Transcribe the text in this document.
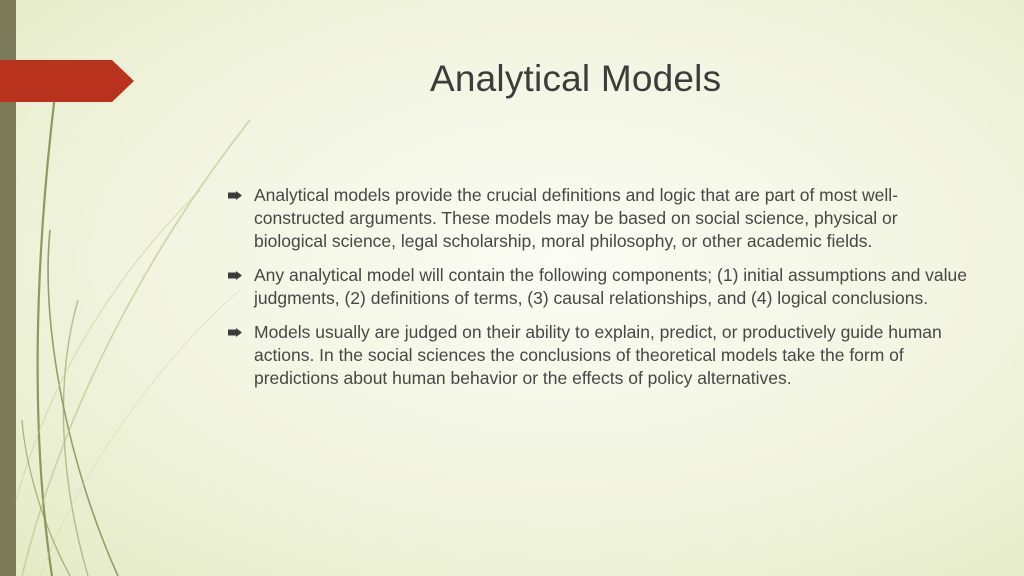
Analytical Models
Analytical models provide the crucial definitions and logic that are part of most well-constructed arguments. These models may be based on social science, physical or biological science, legal scholarship, moral philosophy, or other academic fields.
Any analytical model will contain the following components; (1) initial assumptions and value judgments, (2) definitions of terms, (3) causal relationships, and (4) logical conclusions.
Models usually are judged on their ability to explain, predict, or productively guide human actions. In the social sciences the conclusions of theoretical models take the form of predictions about human behavior or the effects of policy alternatives.
